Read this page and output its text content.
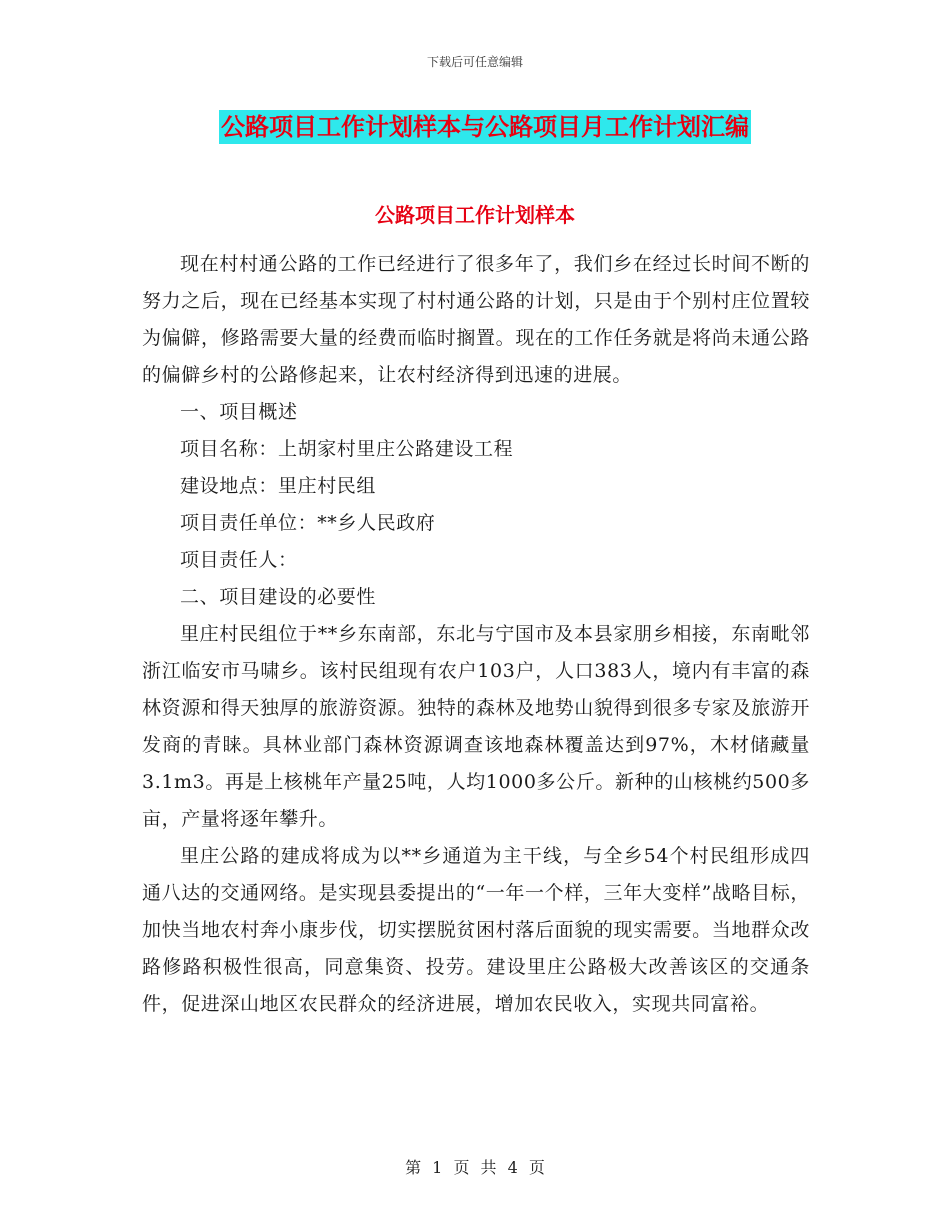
下载后可任意编辑
公路项目工作计划样本与公路项目月工作计划汇编
公路项目工作计划样本

现在村村通公路的工作已经进行了很多年了，我们乡在经过长时间不断的努力之后，现在已经基本实现了村村通公路的计划，只是由于个别村庄位置较为偏僻，修路需要大量的经费而临时搁置。现在的工作任务就是将尚未通公路的偏僻乡村的公路修起来，让农村经济得到迅速的进展。

一、项目概述

项目名称：上胡家村里庄公路建设工程

建设地点：里庄村民组

项目责任单位：**乡人民政府

项目责任人：

二、项目建设的必要性

里庄村民组位于**乡东南部，东北与宁国市及本县家朋乡相接，东南毗邻浙江临安市马啸乡。该村民组现有农户103户，人口383人，境内有丰富的森林资源和得天独厚的旅游资源。独特的森林及地势山貌得到很多专家及旅游开发商的青睐。具林业部门森林资源调查该地森林覆盖达到97%，木材储藏量3.1m3。再是上核桃年产量25吨，人均1000多公斤。新种的山核桃约500多亩，产量将逐年攀升。

里庄公路的建成将成为以**乡通道为主干线，与全乡54个村民组形成四通八达的交通网络。是实现县委提出的“一年一个样，三年大变样”战略目标，加快当地农村奔小康步伐，切实摆脱贫困村落后面貌的现实需要。当地群众改路修路积极性很高，同意集资、投劳。建设里庄公路极大改善该区的交通条件，促进深山地区农民群众的经济进展，增加农民收入，实现共同富裕。

第 1 页 共 4 页
